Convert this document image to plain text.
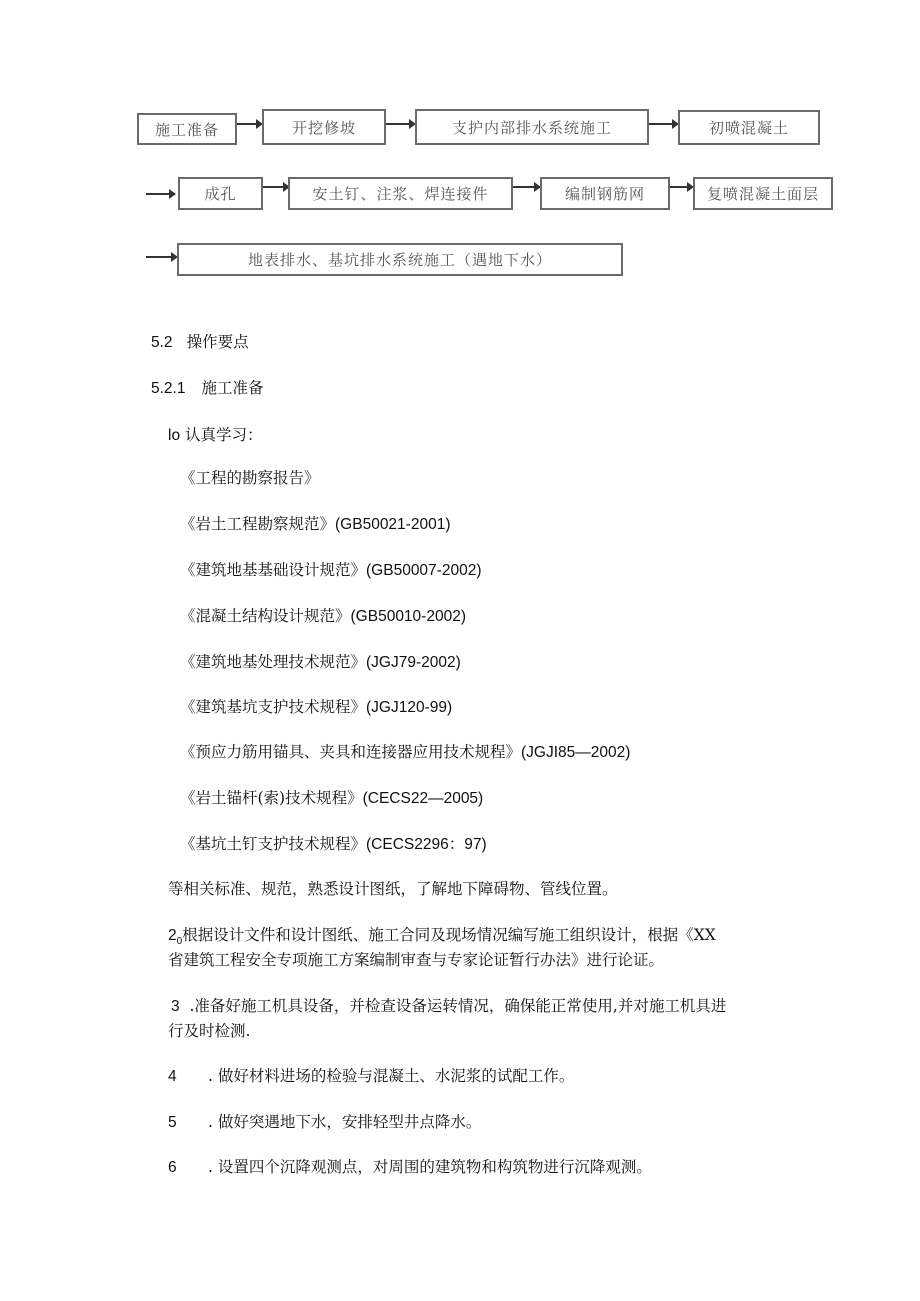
施工准备	开挖修坡	支护内部排水系统施工	初喷混凝土
成孔	安土钉、注浆、焊连接件	编制钢筋网	复喷混凝土面层
地表排水、基坑排水系统施工（遇地下水）
5.2 操作要点
5.2.1 施工准备
lo 认真学习：
《工程的勘察报告》
《岩土工程勘察规范》(GB50021-2001)
《建筑地基基础设计规范》(GB50007-2002)
《混凝土结构设计规范》(GB50010-2002)
《建筑地基处理技术规范》(JGJ79-2002)
《建筑基坑支护技术规程》(JGJ120-99)
《预应力筋用锚具、夹具和连接器应用技术规程》(JGJI85—2002)
《岩土锚杆(索)技术规程》(CECS22—2005)
《基坑土钉支护技术规程》(CECS2296：97)
等相关标准、规范，熟悉设计图纸，了解地下障碍物、管线位置。
$2_0$根据设计文件和设计图纸、施工合同及现场情况编写施工组织设计，根据《XX
省建筑工程安全专项施工方案编制审查与专家论证暂行办法》进行论证。
3 .准备好施工机具设备，并检查设备运转情况，确保能正常使用,并对施工机具进
行及时检测.
4 . 做好材料进场的检验与混凝土、水泥浆的试配工作。
5 . 做好突遇地下水，安排轻型井点降水。
6 . 设置四个沉降观测点，对周围的建筑物和构筑物进行沉降观测。
